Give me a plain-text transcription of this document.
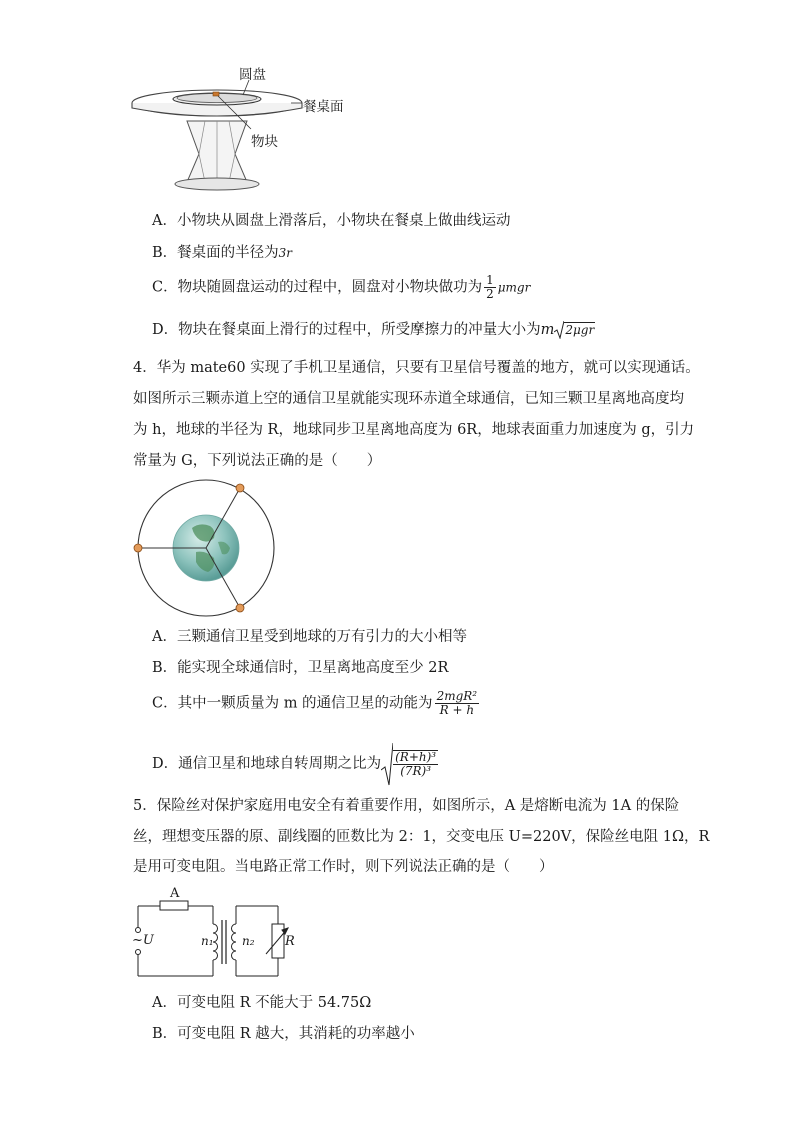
圆盘
餐桌面
物块
A．小物块从圆盘上滑落后，小物块在餐桌上做曲线运动
B．餐桌面的半径为3r
C．物块随圆盘运动的过程中，圆盘对小物块做功为 $\frac{1}{2}$ μmgr
D．物块在餐桌面上滑行的过程中，所受摩擦力的冲量大小为m 2μgr
4．华为 mate60 实现了手机卫星通信，只要有卫星信号覆盖的地方，就可以实现通话。
如图所示三颗赤道上空的通信卫星就能实现环赤道全球通信，已知三颗卫星离地高度均
为 h，地球的半径为 R，地球同步卫星离地高度为 6R，地球表面重力加速度为 g，引力
常量为 G，下列说法正确的是（　　）
A．三颗通信卫星受到地球的万有引力的大小相等
B．能实现全球通信时，卫星离地高度至少 2R
C．其中一颗质量为 m 的通信卫星的动能为 $\frac{\text{2mgR²}}{R + h}$
D．通信卫星和地球自转周期之比为 $\frac{\text{(R+h)³}}{\text{(7R)³}}$
5．保险丝对保护家庭用电安全有着重要作用，如图所示，A 是熔断电流为 1A 的保险
丝，理想变压器的原、副线圈的匝数比为 2：1，交变电压 U=220V，保险丝电阻 1Ω，R
是用可变电阻。当电路正常工作时，则下列说法正确的是（　　）
A
~U	n₁ n₂ R
A．可变电阻 R 不能大于 54.75Ω
B．可变电阻 R 越大，其消耗的功率越小
